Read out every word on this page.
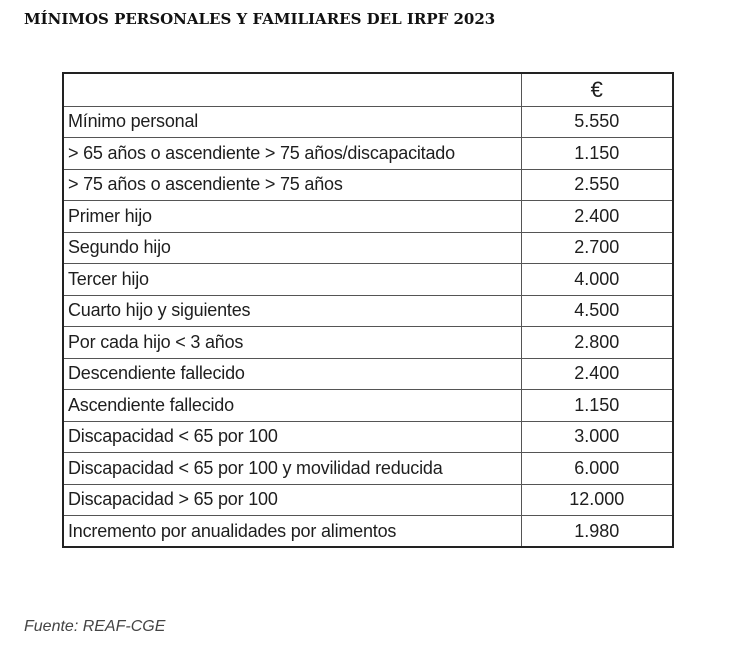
MÍNIMOS PERSONALES Y FAMILIARES DEL IRPF 2023
	€
Mínimo personal	5.550
> 65 años o ascendiente > 75 años/discapacitado	1.150
> 75 años o ascendiente > 75 años	2.550
Primer hijo	2.400
Segundo hijo	2.700
Tercer hijo	4.000
Cuarto hijo y siguientes	4.500
Por cada hijo < 3 años	2.800
Descendiente fallecido	2.400
Ascendiente fallecido	1.150
Discapacidad < 65 por 100	3.000
Discapacidad < 65 por 100 y movilidad reducida	6.000
Discapacidad > 65 por 100	12.000
Incremento por anualidades por alimentos	1.980
Fuente: REAF-CGE
